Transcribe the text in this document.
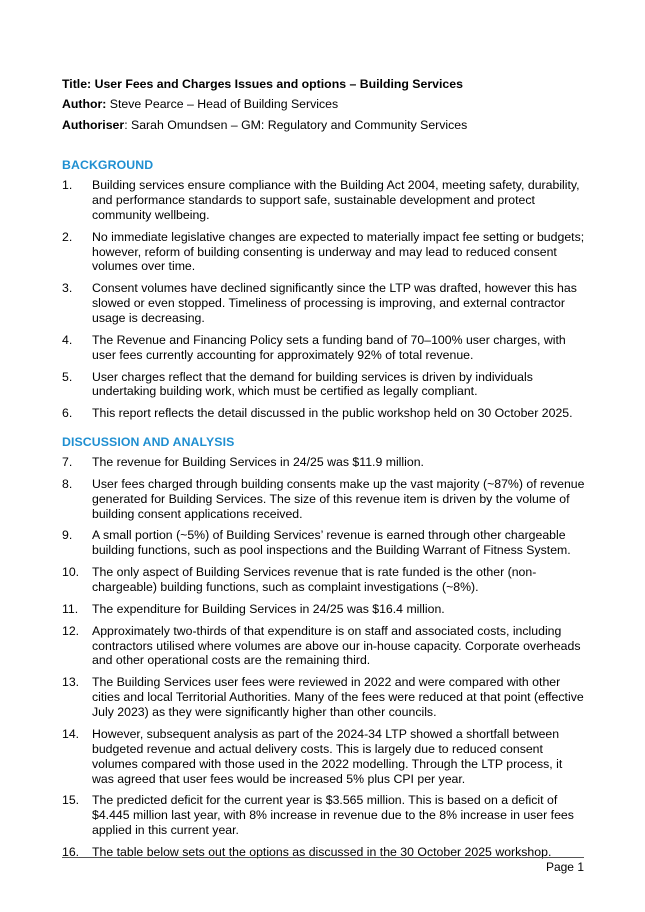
Title: User Fees and Charges Issues and options – Building Services
Author: Steve Pearce – Head of Building Services
Authoriser: Sarah Omundsen – GM: Regulatory and Community Services
BACKGROUND
1.	Building services ensure compliance with the Building Act 2004, meeting safety, durability, and performance standards to support safe, sustainable development and protect community wellbeing.
2.	No immediate legislative changes are expected to materially impact fee setting or budgets; however, reform of building consenting is underway and may lead to reduced consent volumes over time.
3.	Consent volumes have declined significantly since the LTP was drafted, however this has slowed or even stopped. Timeliness of processing is improving, and external contractor usage is decreasing.
4.	The Revenue and Financing Policy sets a funding band of 70–100% user charges, with user fees currently accounting for approximately 92% of total revenue.
5.	User charges reflect that the demand for building services is driven by individuals undertaking building work, which must be certified as legally compliant.
6.	This report reflects the detail discussed in the public workshop held on 30 October 2025.
DISCUSSION AND ANALYSIS
7.	The revenue for Building Services in 24/25 was $11.9 million.
8.	User fees charged through building consents make up the vast majority (~87%) of revenue generated for Building Services. The size of this revenue item is driven by the volume of building consent applications received.
9.	A small portion (~5%) of Building Services’ revenue is earned through other chargeable building functions, such as pool inspections and the Building Warrant of Fitness System.
10.	The only aspect of Building Services revenue that is rate funded is the other (non-chargeable) building functions, such as complaint investigations (~8%).
11.	The expenditure for Building Services in 24/25 was $16.4 million.
12.	Approximately two-thirds of that expenditure is on staff and associated costs, including contractors utilised where volumes are above our in-house capacity. Corporate overheads and other operational costs are the remaining third.
13.	The Building Services user fees were reviewed in 2022 and were compared with other cities and local Territorial Authorities. Many of the fees were reduced at that point (effective July 2023) as they were significantly higher than other councils.
14.	However, subsequent analysis as part of the 2024-34 LTP showed a shortfall between budgeted revenue and actual delivery costs. This is largely due to reduced consent volumes compared with those used in the 2022 modelling. Through the LTP process, it was agreed that user fees would be increased 5% plus CPI per year.
15.	The predicted deficit for the current year is $3.565 million. This is based on a deficit of $4.445 million last year, with 8% increase in revenue due to the 8% increase in user fees applied in this current year.
16.	The table below sets out the options as discussed in the 30 October 2025 workshop.
Page 1
